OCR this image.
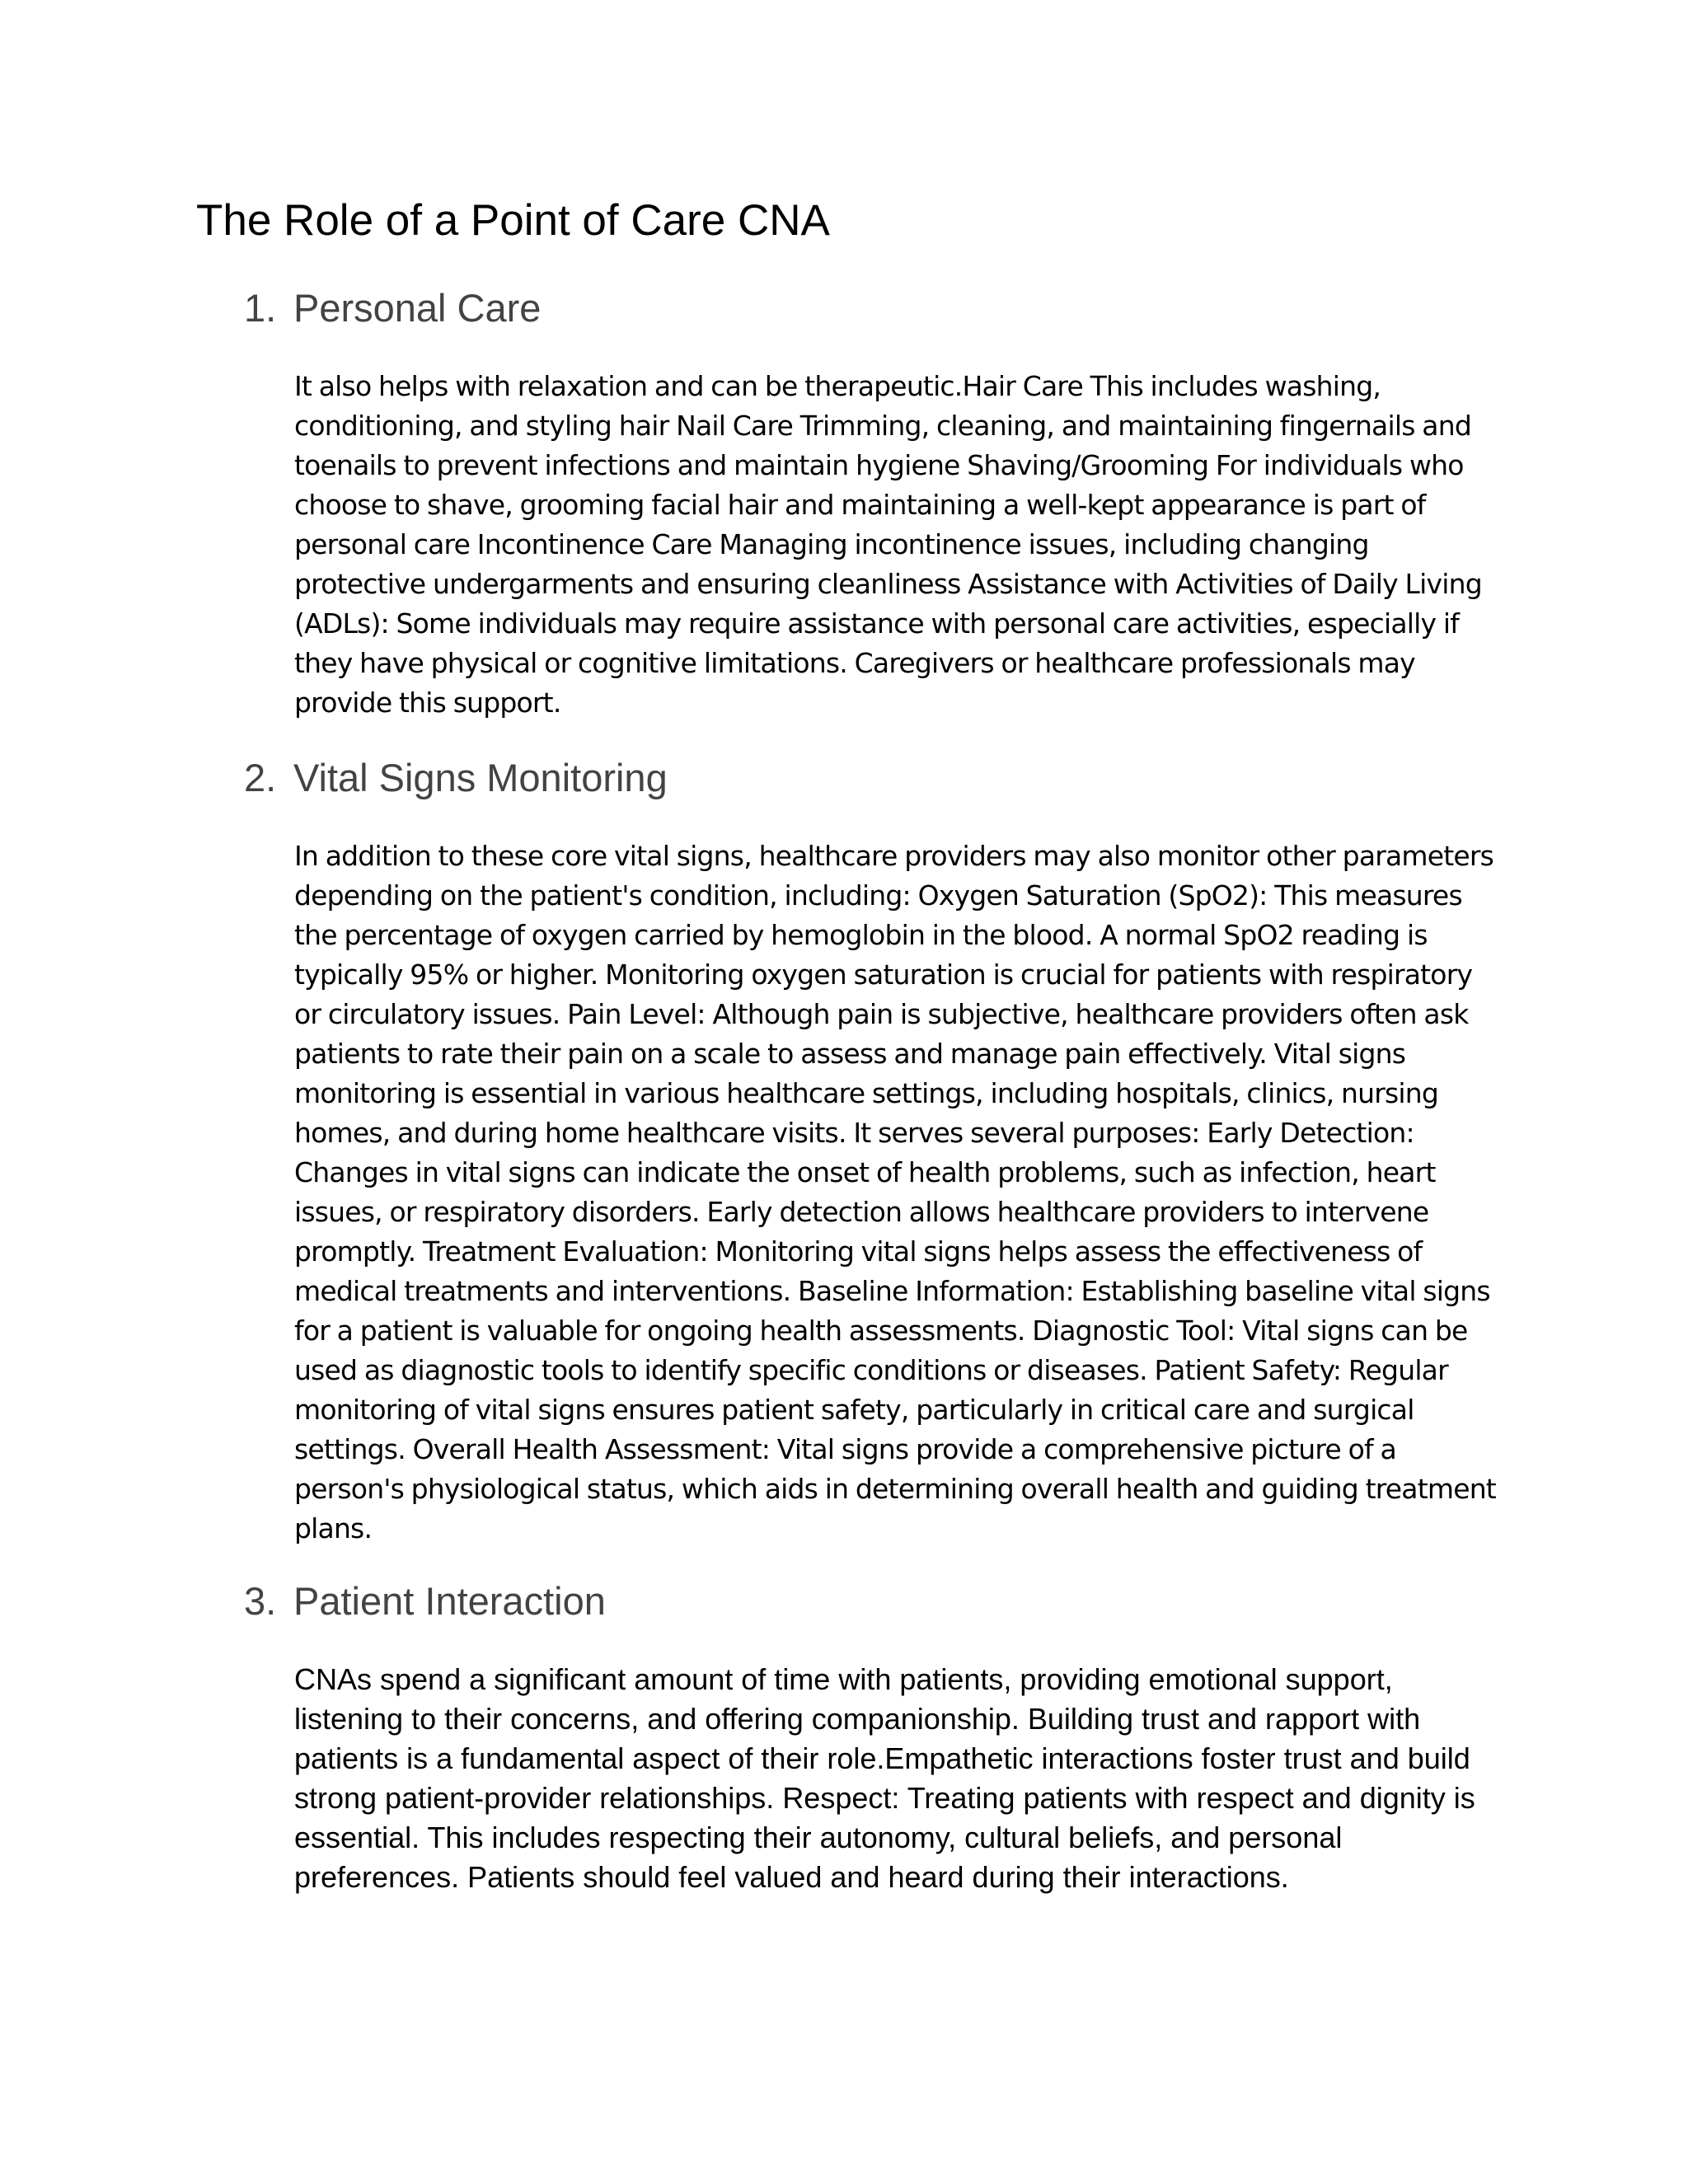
The Role of a Point of Care CNA
1. Personal Care

It also helps with relaxation and can be therapeutic.Hair Care This includes washing, conditioning, and styling hair Nail Care Trimming, cleaning, and maintaining fingernails and toenails to prevent infections and maintain hygiene Shaving/Grooming For individuals who choose to shave, grooming facial hair and maintaining a well-kept appearance is part of personal care Incontinence Care Managing incontinence issues, including changing protective undergarments and ensuring cleanliness Assistance with Activities of Daily Living (ADLs): Some individuals may require assistance with personal care activities, especially if they have physical or cognitive limitations. Caregivers or healthcare professionals may provide this support.

2. Vital Signs Monitoring

In addition to these core vital signs, healthcare providers may also monitor other parameters depending on the patient's condition, including: Oxygen Saturation (SpO2): This measures the percentage of oxygen carried by hemoglobin in the blood. A normal SpO2 reading is typically 95% or higher. Monitoring oxygen saturation is crucial for patients with respiratory or circulatory issues. Pain Level: Although pain is subjective, healthcare providers often ask patients to rate their pain on a scale to assess and manage pain effectively. Vital signs monitoring is essential in various healthcare settings, including hospitals, clinics, nursing homes, and during home healthcare visits. It serves several purposes: Early Detection: Changes in vital signs can indicate the onset of health problems, such as infection, heart issues, or respiratory disorders. Early detection allows healthcare providers to intervene promptly. Treatment Evaluation: Monitoring vital signs helps assess the effectiveness of medical treatments and interventions. Baseline Information: Establishing baseline vital signs for a patient is valuable for ongoing health assessments. Diagnostic Tool: Vital signs can be used as diagnostic tools to identify specific conditions or diseases. Patient Safety: Regular monitoring of vital signs ensures patient safety, particularly in critical care and surgical settings. Overall Health Assessment: Vital signs provide a comprehensive picture of a person's physiological status, which aids in determining overall health and guiding treatment plans.

3. Patient Interaction

CNAs spend a significant amount of time with patients, providing emotional support, listening to their concerns, and offering companionship. Building trust and rapport with patients is a fundamental aspect of their role.Empathetic interactions foster trust and build strong patient-provider relationships. Respect: Treating patients with respect and dignity is essential. This includes respecting their autonomy, cultural beliefs, and personal preferences. Patients should feel valued and heard during their interactions.
